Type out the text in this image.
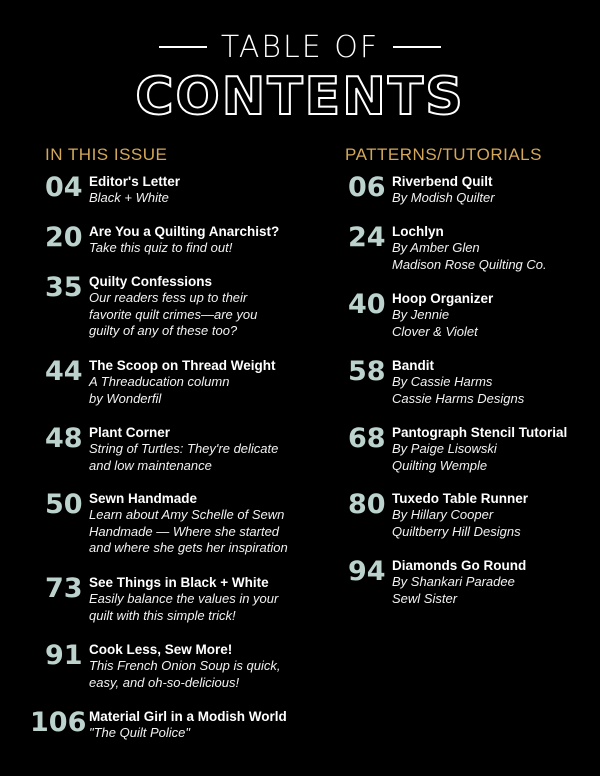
TABLE OF
CONTENTS
IN THIS ISSUE	PATTERNS/TUTORIALS
04 Editor's Letter
Black + White
20 Are You a Quilting Anarchist?
Take this quiz to find out!
35 Quilty Confessions
Our readers fess up to their
favorite quilt crimes—are you
guilty of any of these too?
44 The Scoop on Thread Weight
A Threaducation column
by Wonderfil
48 Plant Corner
String of Turtles: They're delicate
and low maintenance
50 Sewn Handmade
Learn about Amy Schelle of Sewn
Handmade — Where she started
and where she gets her inspiration
73 See Things in Black + White
Easily balance the values in your
quilt with this simple trick!
91 Cook Less, Sew More!
This French Onion Soup is quick,
easy, and oh-so-delicious!
106 Material Girl in a Modish World
"The Quilt Police"
06 Riverbend Quilt
By Modish Quilter
24 Lochlyn
By Amber Glen
Madison Rose Quilting Co.
40 Hoop Organizer
By Jennie
Clover & Violet
58 Bandit
By Cassie Harms
Cassie Harms Designs
68 Pantograph Stencil Tutorial
By Paige Lisowski
Quilting Wemple
80 Tuxedo Table Runner
By Hillary Cooper
Quiltberry Hill Designs
94 Diamonds Go Round
By Shankari Paradee
Sewl Sister
